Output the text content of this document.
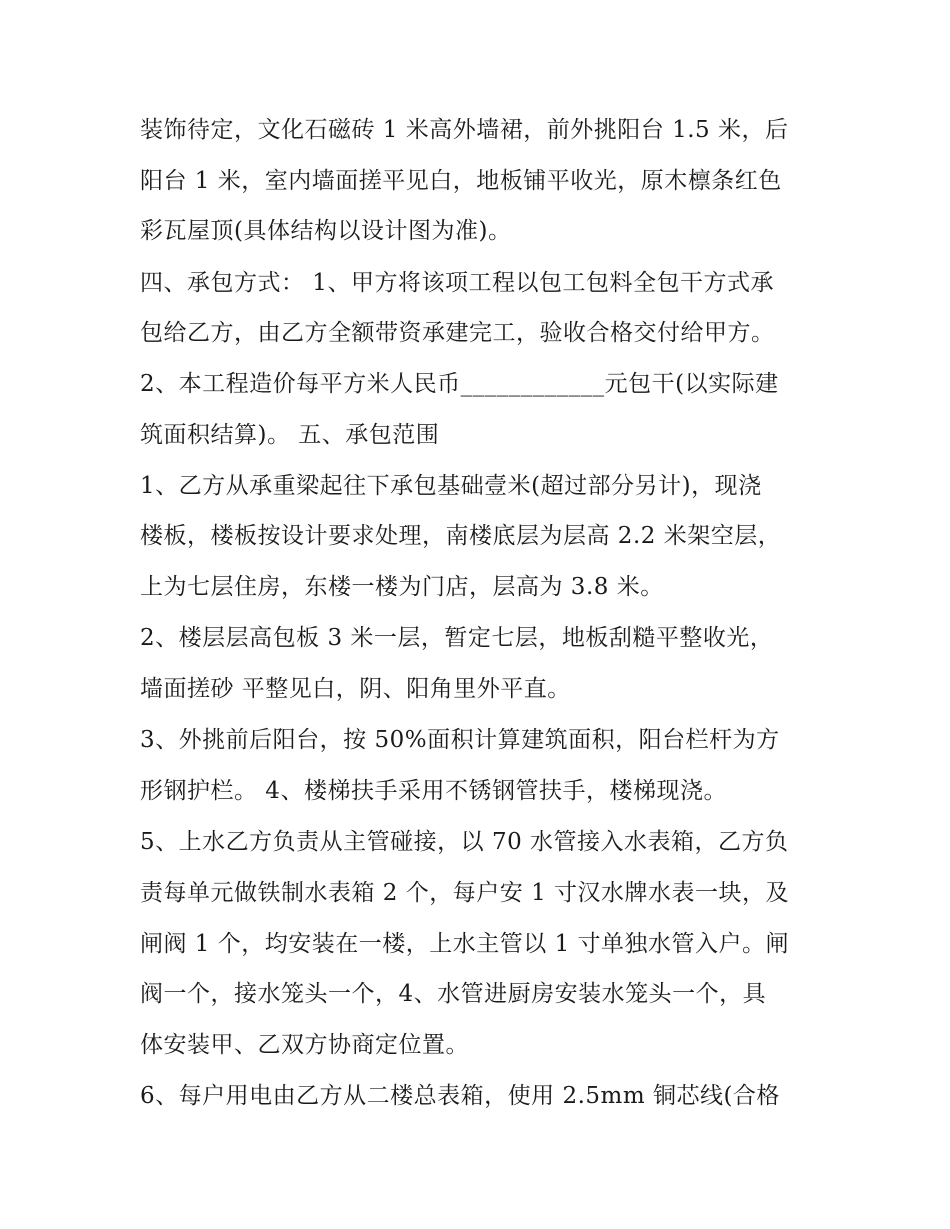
装饰待定，文化石磁砖 1 米高外墙裙，前外挑阳台 1.5 米，后
阳台 1 米，室内墙面搓平见白，地板铺平收光，原木檩条红色
彩瓦屋顶(具体结构以设计图为准)。
四、承包方式： 1、甲方将该项工程以包工包料全包干方式承
包给乙方，由乙方全额带资承建完工，验收合格交付给甲方。
2、本工程造价每平方米人民币____________元包干(以实际建
筑面积结算)。 五、承包范围
1、乙方从承重梁起往下承包基础壹米(超过部分另计)，现浇
楼板，楼板按设计要求处理，南楼底层为层高 2.2 米架空层，
上为七层住房，东楼一楼为门店，层高为 3.8 米。
2、楼层层高包板 3 米一层，暂定七层，地板刮糙平整收光，
墙面搓砂 平整见白，阴、阳角里外平直。
3、外挑前后阳台，按 50%面积计算建筑面积，阳台栏杆为方
形钢护栏。 4、楼梯扶手采用不锈钢管扶手，楼梯现浇。
5、上水乙方负责从主管碰接，以 70 水管接入水表箱，乙方负
责每单元做铁制水表箱 2 个，每户安 1 寸汉水牌水表一块，及
闸阀 1 个，均安装在一楼，上水主管以 1 寸单独水管入户。闸
阀一个，接水笼头一个，4、水管进厨房安装水笼头一个，具
体安装甲、乙双方协商定位置。
6、每户用电由乙方从二楼总表箱，使用 2.5mm 铜芯线(合格
